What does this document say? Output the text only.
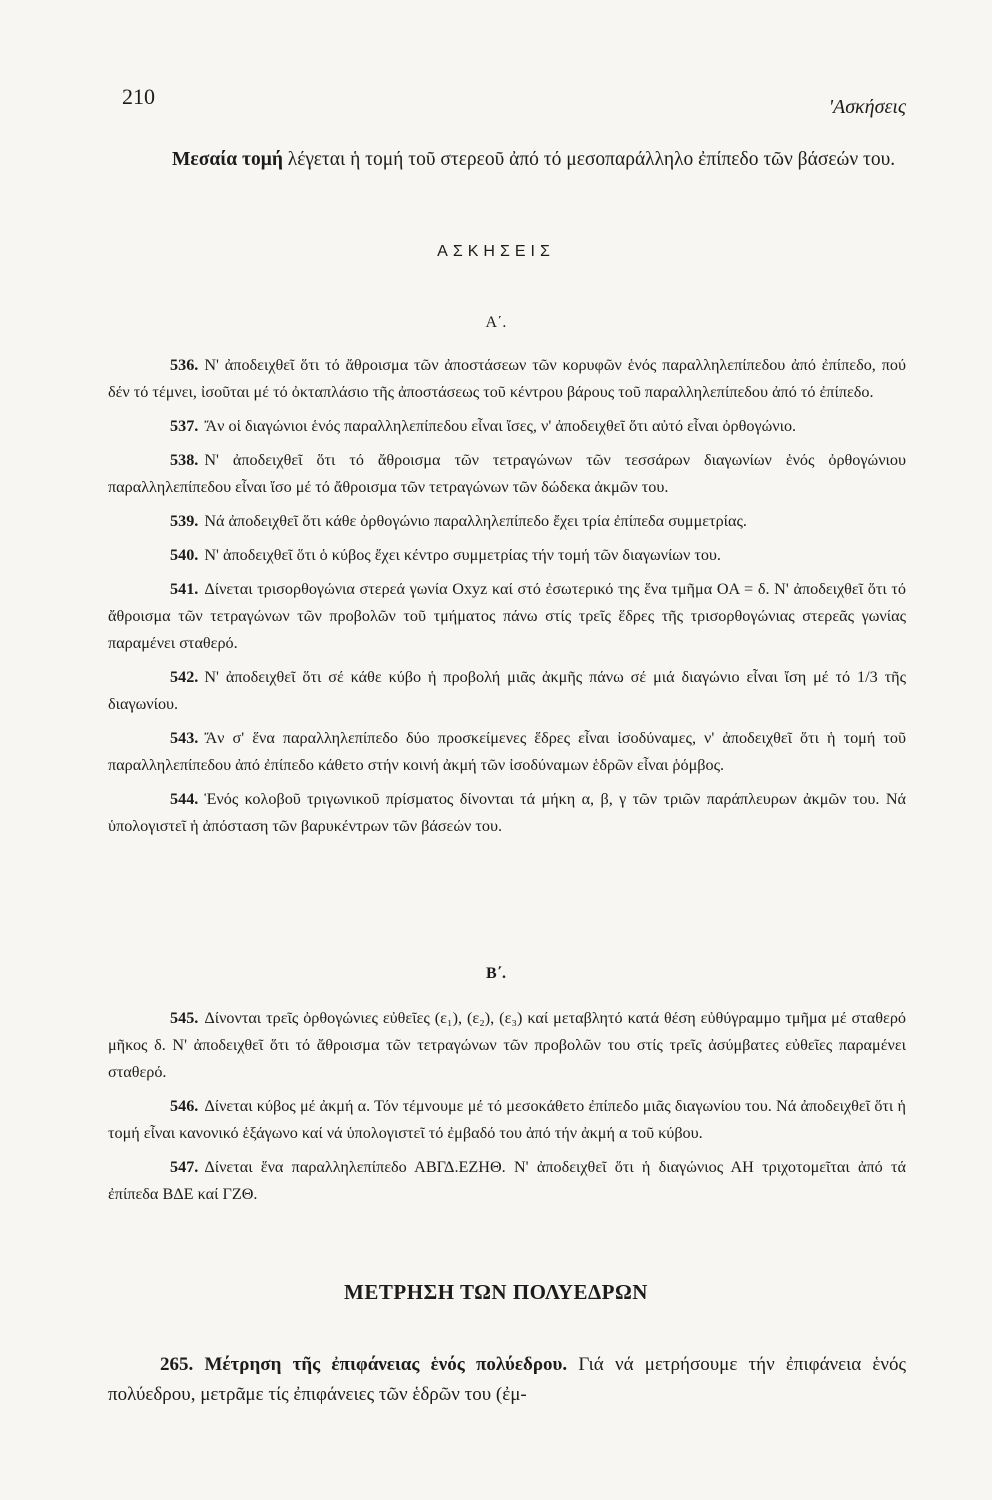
210	'Ασκήσεις

Μεσαία τομή λέγεται ἡ τομή τοῦ στερεοῦ ἀπό τό μεσοπαράλληλο ἐπίπεδο τῶν βάσεών του.

ΑΣΚΗΣΕΙΣ
Α΄.

536. Ν' ἀποδειχθεῖ ὅτι τό ἄθροισμα τῶν ἀποστάσεων τῶν κορυφῶν ἑνός παραλληλεπίπεδου ἀπό ἐπίπεδο, πού δέν τό τέμνει, ἰσοῦται μέ τό ὀκταπλάσιο τῆς ἀποστάσεως τοῦ κέντρου βάρους τοῦ παραλληλεπίπεδου ἀπό τό ἐπίπεδο.

537. Ἄν οἱ διαγώνιοι ἑνός παραλληλεπίπεδου εἶναι ἴσες, ν' ἀποδειχθεῖ ὅτι αὐτό εἶναι ὀρθογώνιο.

538. Ν' ἀποδειχθεῖ ὅτι τό ἄθροισμα τῶν τετραγώνων τῶν τεσσάρων διαγωνίων ἑνός ὀρθογώνιου παραλληλεπίπεδου εἶναι ἴσο μέ τό ἄθροισμα τῶν τετραγώνων τῶν δώδεκα ἀκμῶν του.

539. Νά ἀποδειχθεῖ ὅτι κάθε ὀρθογώνιο παραλληλεπίπεδο ἔχει τρία ἐπίπεδα συμμετρίας.

540. Ν' ἀποδειχθεῖ ὅτι ὁ κύβος ἔχει κέντρο συμμετρίας τήν τομή τῶν διαγωνίων του.

541. Δίνεται τρισορθογώνια στερεά γωνία Oxyz καί στό ἐσωτερικό της ἕνα τμῆμα OA = δ. Ν' ἀποδειχθεῖ ὅτι τό ἄθροισμα τῶν τετραγώνων τῶν προβολῶν τοῦ τμήματος πάνω στίς τρεῖς ἕδρες τῆς τρισορθογώνιας στερεᾶς γωνίας παραμένει σταθερό.

542. Ν' ἀποδειχθεῖ ὅτι σέ κάθε κύβο ἡ προβολή μιᾶς ἀκμῆς πάνω σέ μιά διαγώνιο εἶναι ἴση μέ τό 1/3 τῆς διαγωνίου.

543. Ἄν σ' ἕνα παραλληλεπίπεδο δύο προσκείμενες ἕδρες εἶναι ἰσοδύναμες, ν' ἀποδειχθεῖ ὅτι ἡ τομή τοῦ παραλληλεπίπεδου ἀπό ἐπίπεδο κάθετο στήν κοινή ἀκμή τῶν ἰσοδύναμων ἑδρῶν εἶναι ῥόμβος.

544. Ἑνός κολοβοῦ τριγωνικοῦ πρίσματος δίνονται τά μήκη α, β, γ τῶν τριῶν παράπλευρων ἀκμῶν του. Νά ὑπολογιστεῖ ἡ ἀπόσταση τῶν βαρυκέντρων τῶν βάσεών του.

Β΄.

545. Δίνονται τρεῖς ὀρθογώνιες εὐθεῖες (ε₁), (ε₂), (ε₃) καί μεταβλητό κατά θέση εὐθύγραμμο τμῆμα μέ σταθερό μῆκος δ. Ν' ἀποδειχθεῖ ὅτι τό ἄθροισμα τῶν τετραγώνων τῶν προβολῶν του στίς τρεῖς ἀσύμβατες εὐθεῖες παραμένει σταθερό.

546. Δίνεται κύβος μέ ἀκμή α. Τόν τέμνουμε μέ τό μεσοκάθετο ἐπίπεδο μιᾶς διαγωνίου του. Νά ἀποδειχθεῖ ὅτι ἡ τομή εἶναι κανονικό ἑξάγωνο καί νά ὑπολογιστεῖ τό ἐμβαδό του ἀπό τήν ἀκμή α τοῦ κύβου.

547. Δίνεται ἕνα παραλληλεπίπεδο ΑΒΓΔ.ΕΖΗΘ. Ν' ἀποδειχθεῖ ὅτι ἡ διαγώνιος ΑΗ τριχοτομεῖται ἀπό τά ἐπίπεδα ΒΔΕ καί ΓΖΘ.

ΜΕΤΡΗΣΗ ΤΩΝ ΠΟΛΥΕΔΡΩΝ

265. Μέτρηση τῆς ἐπιφάνειας ἑνός πολύεδρου. Γιά νά μετρήσουμε τήν ἐπιφάνεια ἑνός πολύεδρου, μετρᾶμε τίς ἐπιφάνειες τῶν ἑδρῶν του (ἐμ-
